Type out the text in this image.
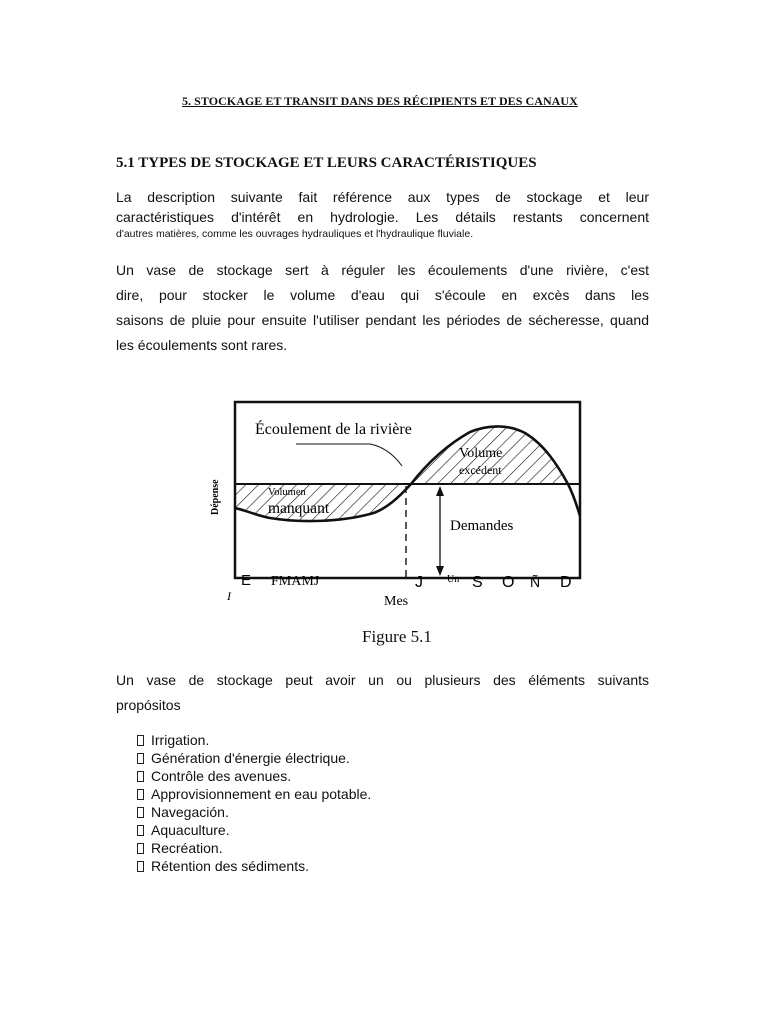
5. STOCKAGE ET TRANSIT DANS DES RÉCIPIENTS ET DES CANAUX
5.1 TYPES DE STOCKAGE ET LEURS CARACTÉRISTIQUES
La description suivante fait référence aux types de stockage et leur
caractéristiques d'intérêt en hydrologie. Les détails restants concernent
d'autres matières, comme les ouvrages hydrauliques et l'hydraulique fluviale.
Un vase de stockage sert à réguler les écoulements d'une rivière, c'est
dire, pour stocker le volume d'eau qui s'écoule en excès dans les
saisons de pluie pour ensuite l'utiliser pendant les périodes de sécheresse, quand
les écoulements sont rares.
Écoulement de la rivière
Volume
excédent
Volumen
manquant
Demandes
Dépense
E FMAMJ	J Un S O Ñ D
I	Mes
Figure 5.1
Un vase de stockage peut avoir un ou plusieurs des éléments suivants
propósitos
Irrigation.
Génération d'énergie électrique.
Contrôle des avenues.
Approvisionnement en eau potable.
Navegación.
Aquaculture.
Recréation.
Rétention des sédiments.
